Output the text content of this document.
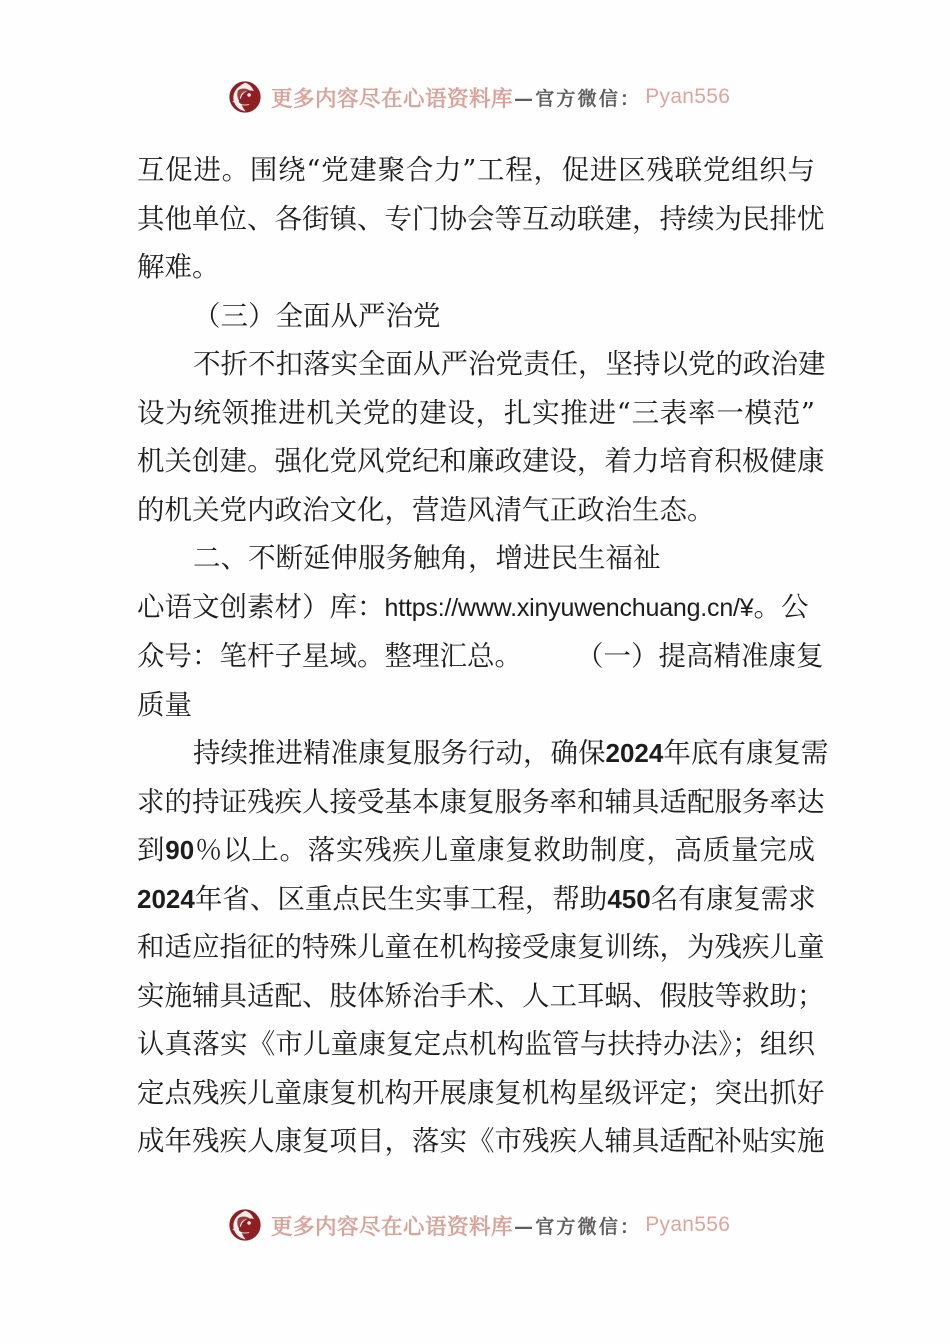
更多内容尽在心语资料库 —官方微信： Pyan556
互促进。围绕“党建聚合力”工程，促进区残联党组织与
其他单位、各街镇、专门协会等互动联建，持续为民排忧
解难。
（三）全面从严治党
不折不扣落实全面从严治党责任，坚持以党的政治建
设为统领推进机关党的建设，扎实推进“三表率一模范”
机关创建。强化党风党纪和廉政建设，着力培育积极健康
的机关党内政治文化，营造风清气正政治生态。
二、不断延伸服务触角，增进民生福祉
心语文创素材）库：https://www.xinyuwenchuang.cn/¥。公
众号：笔杆子星域。整理汇总。 （一）提高精准康复
质量
持续推进精准康复服务行动，确保2024年底有康复需
求的持证残疾人接受基本康复服务率和辅具适配服务率达
到90％以上。落实残疾儿童康复救助制度，高质量完成
2024年省、区重点民生实事工程，帮助450名有康复需求
和适应指征的特殊儿童在机构接受康复训练，为残疾儿童
实施辅具适配、肢体矫治手术、人工耳蜗、假肢等救助；
认真落实《市儿童康复定点机构监管与扶持办法》；组织
定点残疾儿童康复机构开展康复机构星级评定；突出抓好
成年残疾人康复项目，落实《市残疾人辅具适配补贴实施
更多内容尽在心语资料库 —官方微信： Pyan556
